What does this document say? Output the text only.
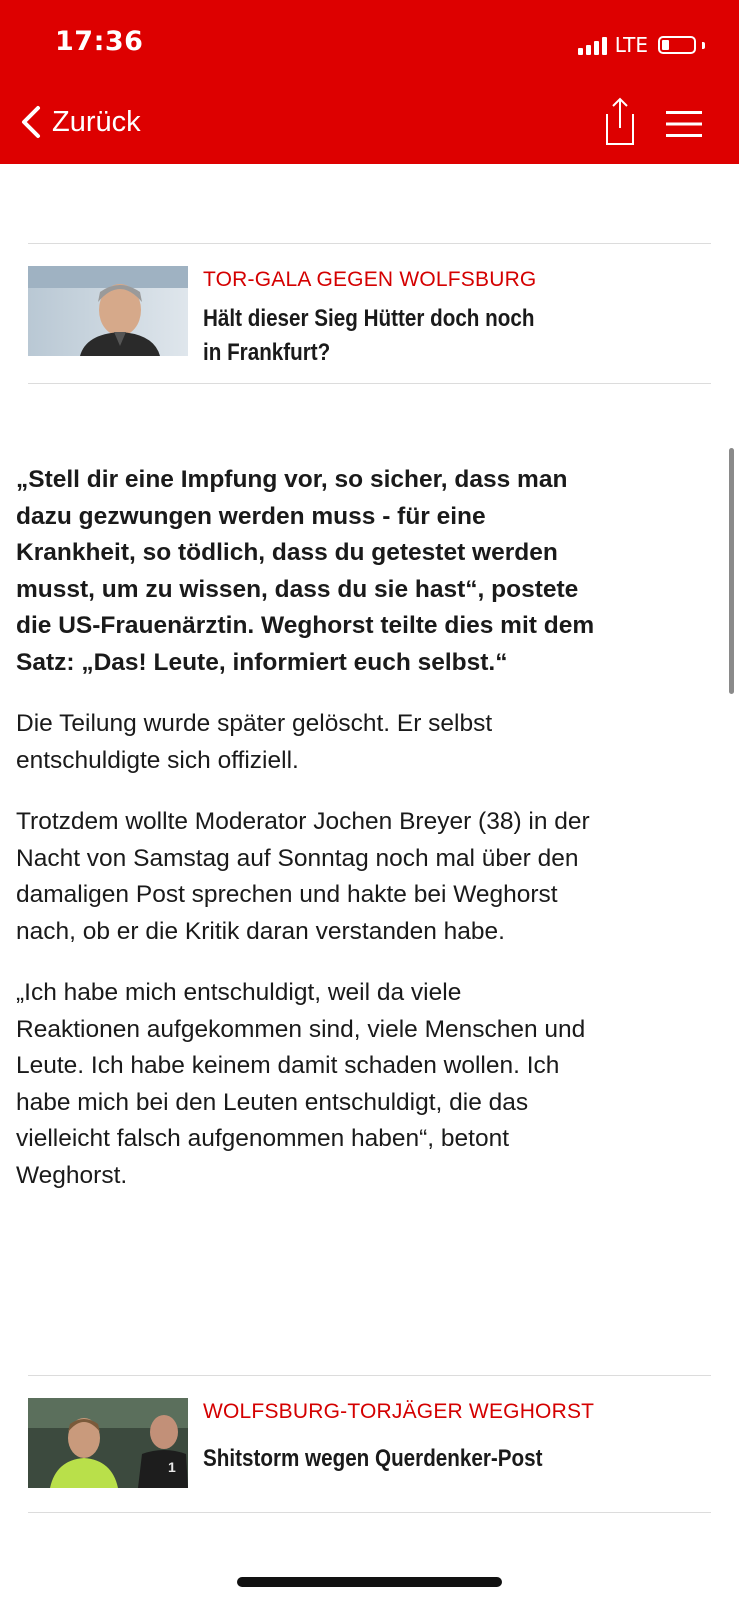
17:36	LTE
Zurück
TOR-GALA GEGEN WOLFSBURG
Hält dieser Sieg Hütter doch noch
in Frankfurt?

„Stell dir eine Impfung vor, so sicher, dass man
dazu gezwungen werden muss - für eine
Krankheit, so tödlich, dass du getestet werden
musst, um zu wissen, dass du sie hast“, postete
die US-Frauenärztin. Weghorst teilte dies mit dem
Satz: „Das! Leute, informiert euch selbst.“

Die Teilung wurde später gelöscht. Er selbst
entschuldigte sich offiziell.

Trotzdem wollte Moderator Jochen Breyer (38) in der
Nacht von Samstag auf Sonntag noch mal über den
damaligen Post sprechen und hakte bei Weghorst
nach, ob er die Kritik daran verstanden habe.

„Ich habe mich entschuldigt, weil da viele
Reaktionen aufgekommen sind, viele Menschen und
Leute. Ich habe keinem damit schaden wollen. Ich
habe mich bei den Leuten entschuldigt, die das
vielleicht falsch aufgenommen haben“, betont
Weghorst.

1
WOLFSBURG-TORJÄGER WEGHORST
Shitstorm wegen Querdenker-Post
